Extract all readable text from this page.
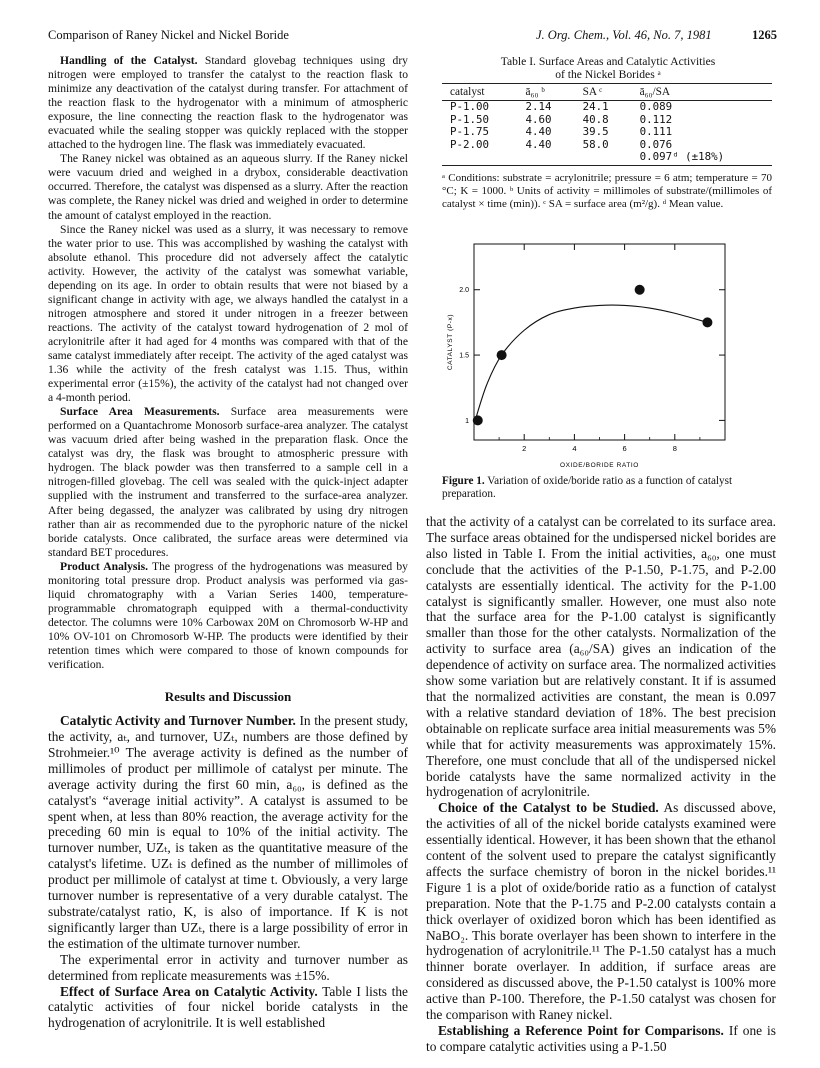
Comparison of Raney Nickel and Nickel Boride	J. Org. Chem., Vol. 46, No. 7, 1981	1265

Handling of the Catalyst. Standard glovebag techniques using dry nitrogen were employed to transfer the catalyst to the reaction flask to minimize any deactivation of the catalyst during transfer. For attachment of the reaction flask to the hydrogenator with a minimum of atmospheric exposure, the line connecting the reaction flask to the hydrogenator was evacuated while the sealing stopper was quickly replaced with the stopper attached to the hydrogen line. The flask was immediately evacuated.

The Raney nickel was obtained as an aqueous slurry. If the Raney nickel were vacuum dried and weighed in a drybox, considerable deactivation occurred. Therefore, the catalyst was dispensed as a slurry. After the reaction was complete, the Raney nickel was dried and weighed in order to determine the amount of catalyst employed in the reaction.

Since the Raney nickel was used as a slurry, it was necessary to remove the water prior to use. This was accomplished by washing the catalyst with absolute ethanol. This procedure did not adversely affect the catalytic activity. However, the activity of the catalyst was somewhat variable, depending on its age. In order to obtain results that were not biased by a significant change in activity with age, we always handled the catalyst in a nitrogen atmosphere and stored it under nitrogen in a freezer between reactions. The activity of the catalyst toward hydrogenation of 2 mol of acrylonitrile after it had aged for 4 months was compared with that of the same catalyst immediately after receipt. The activity of the aged catalyst was 1.36 while the activity of the fresh catalyst was 1.15. Thus, within experimental error (±15%), the activity of the catalyst had not changed over a 4-month period.

Surface Area Measurements. Surface area measurements were performed on a Quantachrome Monosorb surface-area analyzer. The catalyst was vacuum dried after being washed in the preparation flask. Once the catalyst was dry, the flask was brought to atmospheric pressure with hydrogen. The black powder was then transferred to a sample cell in a nitrogen-filled glovebag. The cell was sealed with the quick-inject adapter supplied with the instrument and transferred to the surface-area analyzer. After being degassed, the analyzer was calibrated by using dry nitrogen rather than air as recommended due to the pyrophoric nature of the nickel boride catalysts. Once calibrated, the surface areas were determined via standard BET procedures.

Product Analysis. The progress of the hydrogenations was measured by monitoring total pressure drop. Product analysis was performed via gas-liquid chromatography with a Varian Series 1400, temperature-programmable chromatograph equipped with a thermal-conductivity detector. The columns were 10% Carbowax 20M on Chromosorb W-HP and 10% OV-101 on Chromosorb W-HP. The products were identified by their retention times which were compared to those of known compounds for verification.

Results and Discussion

Catalytic Activity and Turnover Number. In the present study, the activity, aₜ, and turnover, UZₜ, numbers are those defined by Strohmeier.¹⁰ The average activity is defined as the number of millimoles of product per millimole of catalyst per minute. The average activity during the first 60 min, a₆₀, is defined as the catalyst's “average initial activity”. A catalyst is assumed to be spent when, at less than 80% reaction, the average activity for the preceding 60 min is equal to 10% of the initial activity. The turnover number, UZₜ, is taken as the quantitative measure of the catalyst's lifetime. UZₜ is defined as the number of millimoles of product per millimole of catalyst at time t. Obviously, a very large turnover number is representative of a very durable catalyst. The substrate/catalyst ratio, K, is also of importance. If K is not significantly larger than UZₜ, there is a large possibility of error in the estimation of the ultimate turnover number.

The experimental error in activity and turnover number as determined from replicate measurements was ±15%.

Effect of Surface Area on Catalytic Activity. Table I lists the catalytic activities of four nickel boride catalysts in the hydrogenation of acrylonitrile. It is well established

Table I. Surface Areas and Catalytic Activities
of the Nickel Borides ᵃ
catalyst	ā₆₀ ᵇ	SA ᶜ	ā₆₀/SA
P-1.00	2.14	24.1	0.089
P-1.50	4.60	40.8	0.112
P-1.75	4.40	39.5	0.111
P-2.00	4.40	58.0	0.076
			0.097ᵈ (±18%)
ᵃ Conditions: substrate = acrylonitrile; pressure = 6 atm; temperature = 70 °C; K = 1000. ᵇ Units of activity = millimoles of substrate/(millimoles of catalyst × time (min)). ᶜ SA = surface area (m²/g). ᵈ Mean value.
2	4	6	8
1
1.5
2.0
CATALYST (P-x)
OXIDE/BORIDE RATIO
Figure 1. Variation of oxide/boride ratio as a function of catalyst preparation.

that the activity of a catalyst can be correlated to its surface area. The surface areas obtained for the undispersed nickel borides are also listed in Table I. From the initial activities, a₆₀, one must conclude that the activities of the P-1.50, P-1.75, and P-2.00 catalysts are essentially identical. The activity for the P-1.00 catalyst is significantly smaller. However, one must also note that the surface area for the P-1.00 catalyst is significantly smaller than those for the other catalysts. Normalization of the activity to surface area (a₆₀/SA) gives an indication of the dependence of activity on surface area. The normalized activities show some variation but are relatively constant. It if is assumed that the normalized activities are constant, the mean is 0.097 with a relative standard deviation of 18%. The best precision obtainable on replicate surface area initial measurements was 5% while that for activity measurements was approximately 15%. Therefore, one must conclude that all of the undispersed nickel boride catalysts have the same normalized activity in the hydrogenation of acrylonitrile.

Choice of the Catalyst to be Studied. As discussed above, the activities of all of the nickel boride catalysts examined were essentially identical. However, it has been shown that the ethanol content of the solvent used to prepare the catalyst significantly affects the surface chemistry of boron in the nickel borides.¹¹ Figure 1 is a plot of oxide/boride ratio as a function of catalyst preparation. Note that the P-1.75 and P-2.00 catalysts contain a thick overlayer of oxidized boron which has been identified as NaBO₂. This borate overlayer has been shown to interfere in the hydrogenation of acrylonitrile.¹¹ The P-1.50 catalyst has a much thinner borate overlayer. In addition, if surface areas are considered as discussed above, the P-1.50 catalyst is 100% more active than P-100. Therefore, the P-1.50 catalyst was chosen for the comparison with Raney nickel.

Establishing a Reference Point for Comparisons. If one is to compare catalytic activities using a P-1.50
